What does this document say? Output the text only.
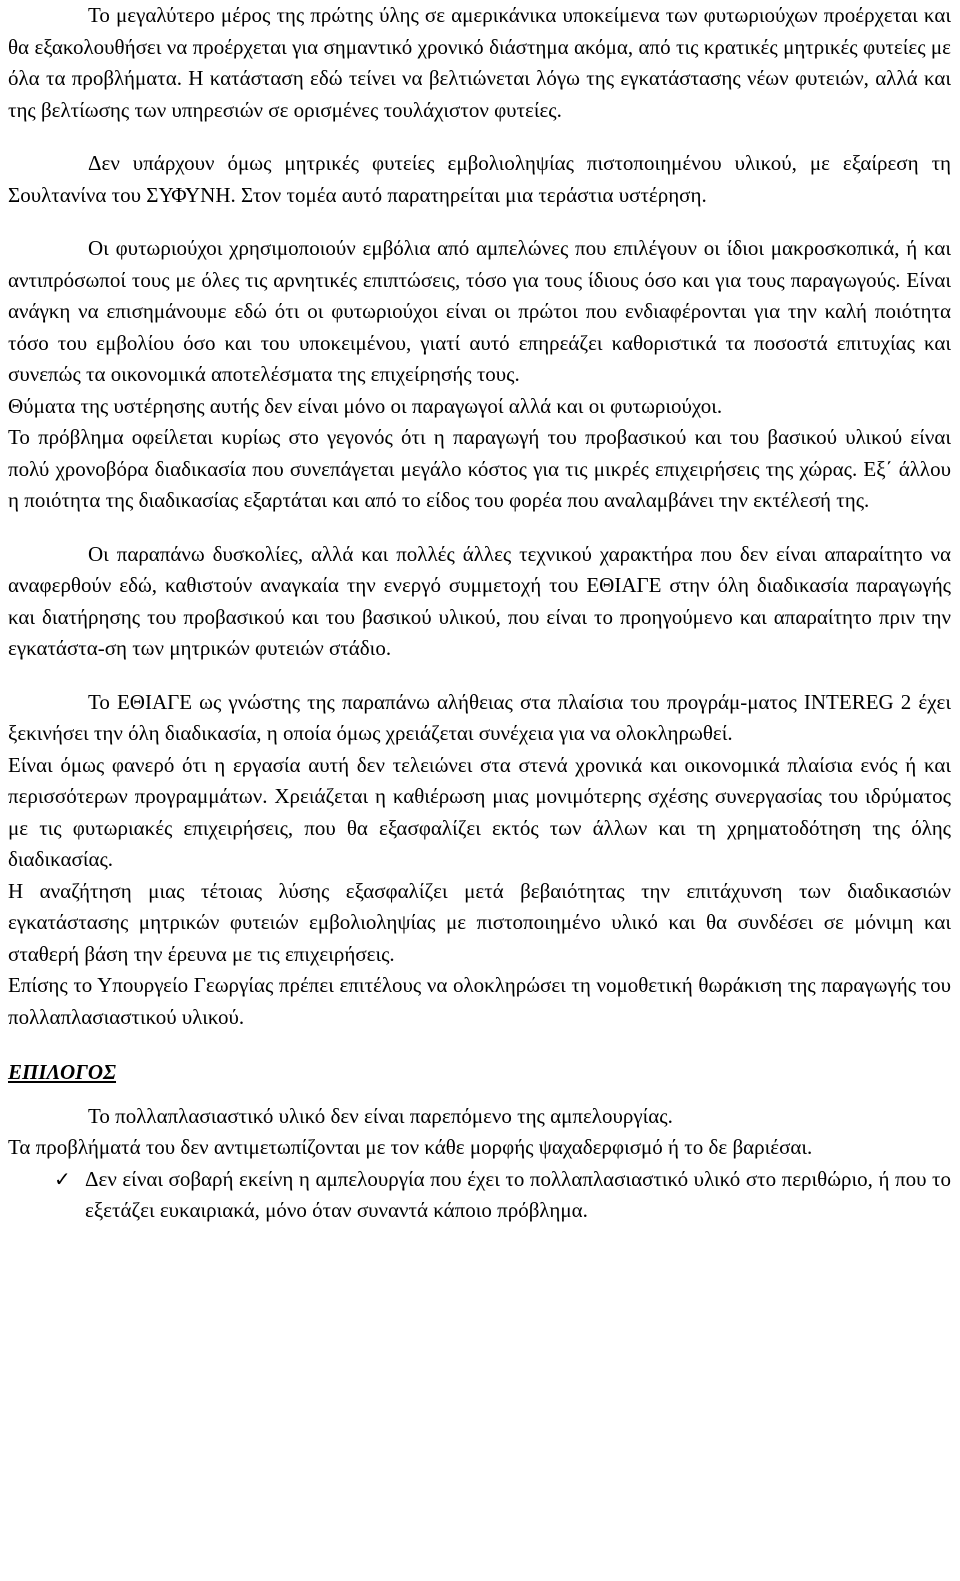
Το μεγαλύτερο μέρος της πρώτης ύλης σε αμερικάνικα υποκείμενα των φυτωριούχων προέρχεται και θα εξακολουθήσει να προέρχεται για σημαντικό χρονικό διάστημα ακόμα, από τις κρατικές μητρικές φυτείες με όλα τα προβλήματα. Η κατάσταση εδώ τείνει να βελτιώνεται λόγω της εγκατάστασης νέων φυτειών, αλλά και της βελτίωσης των υπηρεσιών σε ορισμένες τουλάχιστον φυτείες.

Δεν υπάρχουν όμως μητρικές φυτείες εμβολιοληψίας πιστοποιημένου υλικού, με εξαίρεση τη Σουλτανίνα του ΣΥΦΥΝΗ. Στον τομέα αυτό παρατηρείται μια τεράστια υστέρηση.

Οι φυτωριούχοι χρησιμοποιούν εμβόλια από αμπελώνες που επιλέγουν οι ίδιοι μακροσκοπικά, ή και αντιπρόσωποί τους με όλες τις αρνητικές επιπτώσεις, τόσο για τους ίδιους όσο και για τους παραγωγούς. Είναι ανάγκη να επισημάνουμε εδώ ότι οι φυτωριούχοι είναι οι πρώτοι που ενδιαφέρονται για την καλή ποιότητα τόσο του εμβολίου όσο και του υποκειμένου, γιατί αυτό επηρεάζει καθοριστικά τα ποσοστά επιτυχίας και συνεπώς τα οικονομικά αποτελέσματα της επιχείρησής τους.

Θύματα της υστέρησης αυτής δεν είναι μόνο οι παραγωγοί αλλά και οι φυτωριούχοι.

Το πρόβλημα οφείλεται κυρίως στο γεγονός ότι η παραγωγή του προβασικού και του βασικού υλικού είναι πολύ χρονοβόρα διαδικασία που συνεπάγεται μεγάλο κόστος για τις μικρές επιχειρήσεις της χώρας. Εξ΄ άλλου η ποιότητα της διαδικασίας εξαρτάται και από το είδος του φορέα που αναλαμβάνει την εκτέλεσή της.

Οι παραπάνω δυσκολίες, αλλά και πολλές άλλες τεχνικού χαρακτήρα που δεν είναι απαραίτητο να αναφερθούν εδώ, καθιστούν αναγκαία την ενεργό συμμετοχή του ΕΘΙΑΓΕ στην όλη διαδικασία παραγωγής και διατήρησης του προβασικού και του βασικού υλικού, που είναι το προηγούμενο και απαραίτητο πριν την εγκατάστα-ση των μητρικών φυτειών στάδιο.

Το ΕΘΙΑΓΕ ως γνώστης της παραπάνω αλήθειας στα πλαίσια του προγράμ-ματος INTEREG 2 έχει ξεκινήσει την όλη διαδικασία, η οποία όμως χρειάζεται συνέχεια για να ολοκληρωθεί.

Είναι όμως φανερό ότι η εργασία αυτή δεν τελειώνει στα στενά χρονικά και οικονομικά πλαίσια ενός ή και περισσότερων προγραμμάτων. Χρειάζεται η καθιέρωση μιας μονιμότερης σχέσης συνεργασίας του ιδρύματος με τις φυτωριακές επιχειρήσεις, που θα εξασφαλίζει εκτός των άλλων και τη χρηματοδότηση της όλης διαδικασίας.

Η αναζήτηση μιας τέτοιας λύσης εξασφαλίζει μετά βεβαιότητας την επιτάχυνση των διαδικασιών εγκατάστασης μητρικών φυτειών εμβολιοληψίας με πιστοποιημένο υλικό και θα συνδέσει σε μόνιμη και σταθερή βάση την έρευνα με τις επιχειρήσεις.

Επίσης το Υπουργείο Γεωργίας πρέπει επιτέλους να ολοκληρώσει τη νομοθετική θωράκιση της παραγωγής του πολλαπλασιαστικού υλικού.

ΕΠΙΛΟΓΟΣ

Το πολλαπλασιαστικό υλικό δεν είναι παρεπόμενο της αμπελουργίας.

Τα προβλήματά του δεν αντιμετωπίζονται με τον κάθε μορφής ψαχαδερφισμό ή το δε βαριέσαι.

✓ Δεν είναι σοβαρή εκείνη η αμπελουργία που έχει το πολλαπλασιαστικό υλικό στο περιθώριο, ή που το εξετάζει ευκαιριακά, μόνο όταν συναντά κάποιο πρόβλημα.
